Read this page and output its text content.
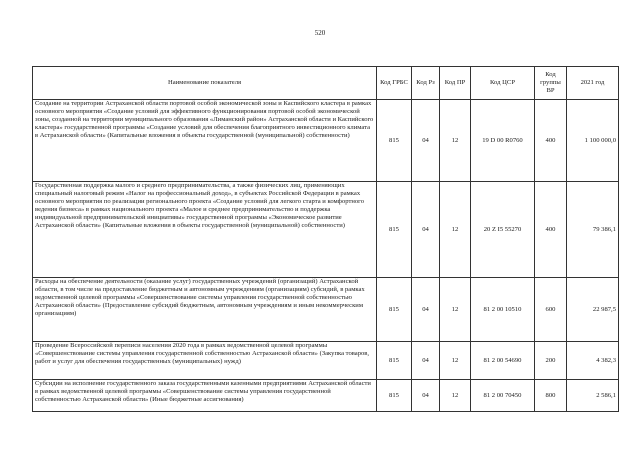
520
Наименование показателя	Код ГРБС	Код Рз	Код ПР	Код ЦСР	Код группы ВР	2021 год
Создание на территории Астраханской области портовой особой экономической зоны и Каспийского кластера в рамках основного мероприятия «Создание условий для эффективного функционирования портовой особой экономической зоны, созданной на территории муниципального образования «Лиманский район» Астраханской области и Каспийского кластера» государственной программы «Создание условий для обеспечения благоприятного инвестиционного климата в Астраханской области» (Капитальные вложения в объекты государственной (муниципальной) собственности)	815	04	12	19 D 00 R0760	400	1 100 000,0
Государственная поддержка малого и среднего предпринимательства, а также физических лиц, применяющих специальный налоговый режим «Налог на профессиональный доход», в субъектах Российской Федерации в рамках основного мероприятия по реализации регионального проекта «Создание условий для легкого старта и комфортного ведения бизнеса» в рамках национального проекта «Малое и среднее предпринимательство и поддержка индивидуальной предпринимательской инициативы» государственной программы «Экономическое развитие Астраханской области» (Капитальные вложения в объекты государственной (муниципальной) собственности)	815	04	12	20 Z I5 55270	400	79 386,1
Расходы на обеспечение деятельности (оказание услуг) государственных учреждений (организаций) Астраханской области, в том числе на предоставление бюджетным и автономным учреждениям (организациям) субсидий, в рамках ведомственной целевой программы «Совершенствование системы управления государственной собственностью Астраханской области» (Предоставление субсидий бюджетным, автономным учреждениям и иным некоммерческим организациям)	815	04	12	81 2 00 10510	600	22 987,5
Проведение Всероссийской переписи населения 2020 года в рамках ведомственной целевой программы «Совершенствование системы управления государственной собственностью Астраханской области» (Закупка товаров, работ и услуг для обеспечения государственных (муниципальных) нужд)	815	04	12	81 2 00 54690	200	4 382,3
Субсидии на исполнение государственного заказа государственными казенными предприятиями Астраханской области в рамках ведомственной целевой программы «Совершенствование системы управления государственной собственностью Астраханской области» (Иные бюджетные ассигнования)	815	04	12	81 2 00 70450	800	2 586,1
